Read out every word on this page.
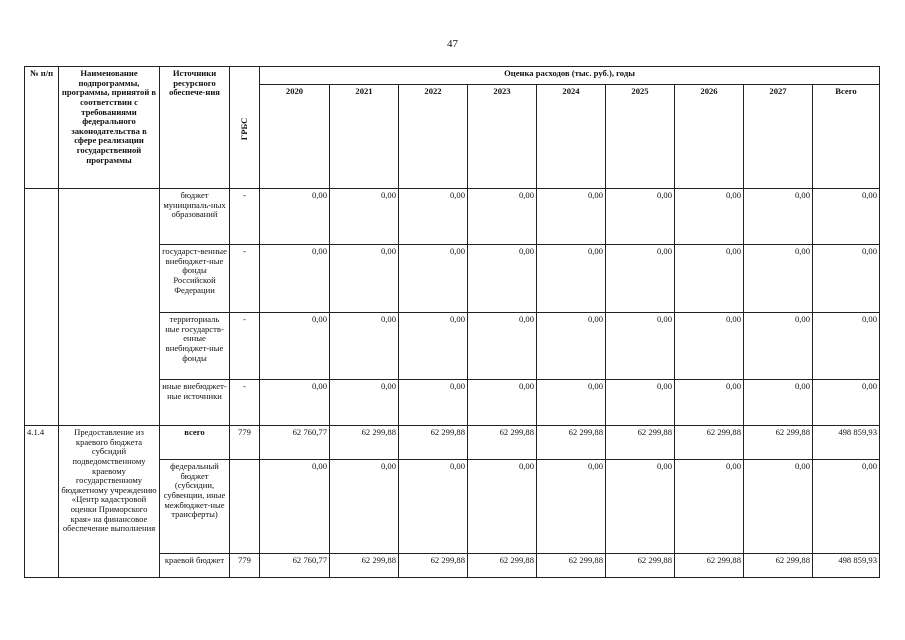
47
№ п/п	Наименование подпрограммы, программы, принятой в соответствии с требованиями федерального законодательства в сфере реализации государственной программы	Источники ресурсного обеспече-ния	ГРБС	Оценка расходов (тыс. руб.), годы								
				2020	2021	2022	2023	2024	2025	2026	2027	Всего
		бюджет муниципаль-ных образований	-	0,00	0,00	0,00	0,00	0,00	0,00	0,00	0,00	0,00
		государст-венные внебюджет-ные фонды Российской Федерации	-	0,00	0,00	0,00	0,00	0,00	0,00	0,00	0,00	0,00
		территориаль ные государств-енные внебюджет-ные фонды	-	0,00	0,00	0,00	0,00	0,00	0,00	0,00	0,00	0,00
		иные внебюджет-ные источники	-	0,00	0,00	0,00	0,00	0,00	0,00	0,00	0,00	0,00
4.1.4	Предоставление из краевого бюджета субсидий подведомственному краевому государственному бюджетному учреждению «Центр кадастровой оценки Приморского края» на финансовое обеспечение выполнения	всего	779	62 760,77	62 299,88	62 299,88	62 299,88	62 299,88	62 299,88	62 299,88	62 299,88	498 859,93
		федеральный бюджет (субсидии, субвенции, иные межбюджет-ные трансферты)		0,00	0,00	0,00	0,00	0,00	0,00	0,00	0,00	0,00
		краевой бюджет	779	62 760,77	62 299,88	62 299,88	62 299,88	62 299,88	62 299,88	62 299,88	62 299,88	498 859,93
